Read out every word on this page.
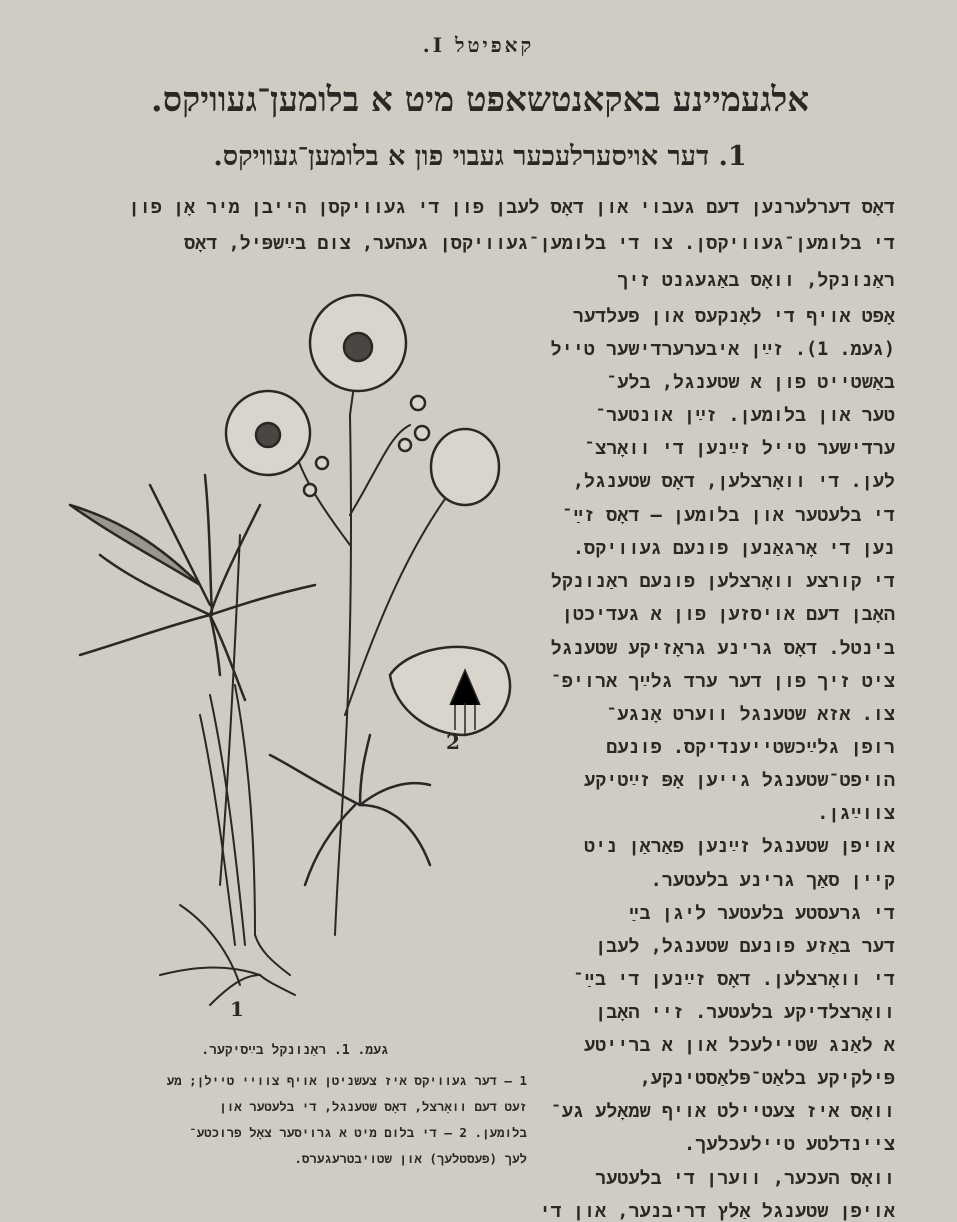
קאפיטל I.
אלגעמיינע באקאנטשאפט מיט א בלומען־געוויקס.
1. דער אויסערלעכער געבוי פון א בלומען־געוויקס.
דאָס דערלערנען דעם געבוי און דאָס לעבן פון די געוויקסן הייבן מיר אָן פון
די בלומען־געוויקסן. צו די בלומען־געוויקסן געהער, צום בײַשפּיל, דאָס
ראַנונקל, וואָס באַגעגנט זיך
אָפט אויף די לאָנקעס און פעלדער
(געמ. 1). זײַן איבערערדישער טייל
באַשטייט פון א שטענגל, בלע־
טער און בלומען. זײַן אונטער־
ערדישער טייל זײַנען די וואָרצ־
לען. די וואָרצלען, דאָס שטענגל,
די בלעטער און בלומען — דאָס זײַ־
נען די אָרגאַנען פונעם געוויקס.
די קורצע וואָרצלען פונעם ראַנונקל
האָבן דעם אויסזען פון א געדיכטן
בינטל. דאָס גרינע גראָזיקע שטענגל
ציט זיך פון דער ערד גלײַך ארויפ־
צו. אזא שטענגל ווערט אָנגע־
רופן גלײַכשטייענדיקס. פונעם
הויפט־שטענגל גייען אָפּ זײַטיקע
צווײַגן.
אויפן שטענגל זײַנען פאַראַן ניט
קיין סאַך גרינע בלעטער.
די גרעסטע בלעטער ליגן בײַ
דער באַזע פונעם שטענגל, לעבן
די וואָרצלען. דאָס זײַנען די בײַ־
וואָרצלדיקע בלעטער. זיי האָבן
א לאַנג שטיילעכל און א ברייטע
פּילקיקע בלאַט־פּלאַסטינקע,
וואָס איז צעטיילט אויף שמאָלע גע־
ציינדלטע טיילעכלעך.
וואָס העכער, ווערן די בלעטער
אויפן שטענגל אַלץ דריבנער, און די
1
2
געמ. 1. ראַנונקל בײַסיקער.
1 — דער געוויקס איז צעשניטן אויף צוויי טיילן; מע
זעט דעם וואָרצל, דאָס שטענגל, די בלעטער און
בלומען. 2 — די בלום מיט א גרויסער צאָל פרוכטע־
לעך (פעסטלעך) און שטויבטרעגערס.
